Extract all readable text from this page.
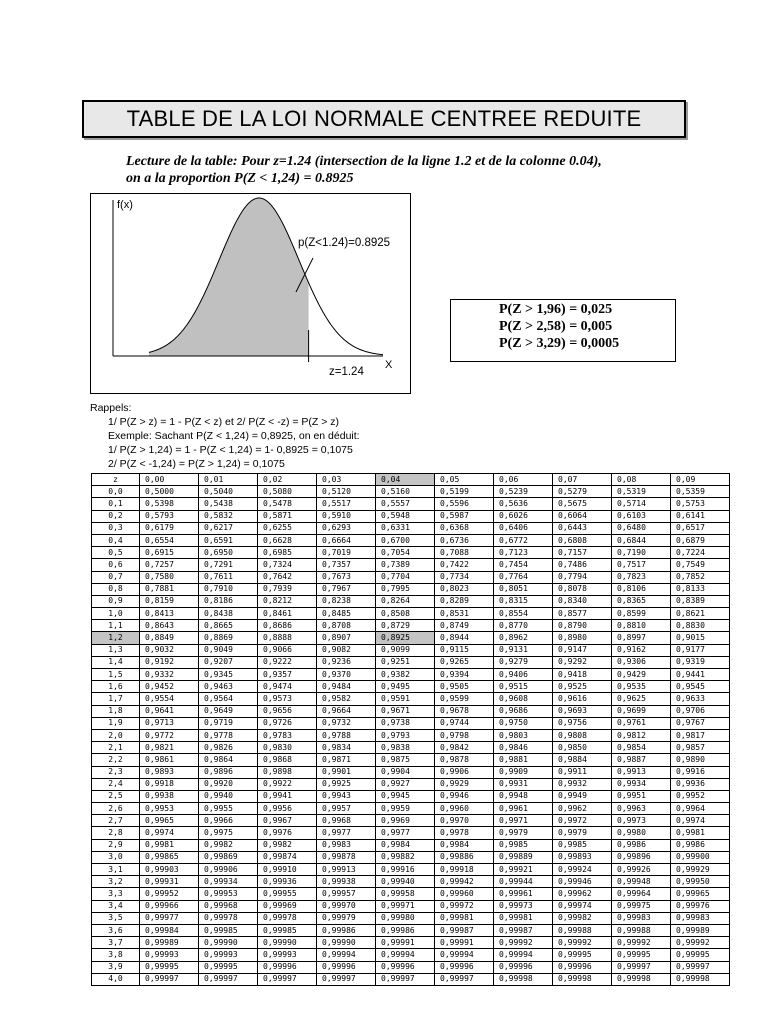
TABLE DE LA LOI NORMALE CENTREE REDUITE
Lecture de la table: Pour z=1.24 (intersection de la ligne 1.2 et de la colonne 0.04),
on a la proportion P(Z < 1,24) = 0.8925
f(x)
X
p(Z<1.24)=0.8925
z=1.24
P(Z > 1,96) = 0,025
P(Z > 2,58) = 0,005
P(Z > 3,29) = 0,0005
Rappels:
1/ P(Z > z) = 1 - P(Z < z) et 2/ P(Z < -z) = P(Z > z)
Exemple: Sachant P(Z < 1,24) = 0,8925, on en déduit:
1/ P(Z > 1,24) = 1 - P(Z < 1,24) = 1- 0,8925 = 0,1075
2/ P(Z < -1,24) = P(Z > 1,24) = 0,1075
z	0,00	0,01	0,02	0,03	0,04	0,05	0,06	0,07	0,08	0,09
0,0	0,5000	0,5040	0,5080	0,5120	0,5160	0,5199	0,5239	0,5279	0,5319	0,5359
0,1	0,5398	0,5438	0,5478	0,5517	0,5557	0,5596	0,5636	0,5675	0,5714	0,5753
0,2	0,5793	0,5832	0,5871	0,5910	0,5948	0,5987	0,6026	0,6064	0,6103	0,6141
0,3	0,6179	0,6217	0,6255	0,6293	0,6331	0,6368	0,6406	0,6443	0,6480	0,6517
0,4	0,6554	0,6591	0,6628	0,6664	0,6700	0,6736	0,6772	0,6808	0,6844	0,6879
0,5	0,6915	0,6950	0,6985	0,7019	0,7054	0,7088	0,7123	0,7157	0,7190	0,7224
0,6	0,7257	0,7291	0,7324	0,7357	0,7389	0,7422	0,7454	0,7486	0,7517	0,7549
0,7	0,7580	0,7611	0,7642	0,7673	0,7704	0,7734	0,7764	0,7794	0,7823	0,7852
0,8	0,7881	0,7910	0,7939	0,7967	0,7995	0,8023	0,8051	0,8078	0,8106	0,8133
0,9	0,8159	0,8186	0,8212	0,8238	0,8264	0,8289	0,8315	0,8340	0,8365	0,8389
1,0	0,8413	0,8438	0,8461	0,8485	0,8508	0,8531	0,8554	0,8577	0,8599	0,8621
1,1	0,8643	0,8665	0,8686	0,8708	0,8729	0,8749	0,8770	0,8790	0,8810	0,8830
1,2	0,8849	0,8869	0,8888	0,8907	0,8925	0,8944	0,8962	0,8980	0,8997	0,9015
1,3	0,9032	0,9049	0,9066	0,9082	0,9099	0,9115	0,9131	0,9147	0,9162	0,9177
1,4	0,9192	0,9207	0,9222	0,9236	0,9251	0,9265	0,9279	0,9292	0,9306	0,9319
1,5	0,9332	0,9345	0,9357	0,9370	0,9382	0,9394	0,9406	0,9418	0,9429	0,9441
1,6	0,9452	0,9463	0,9474	0,9484	0,9495	0,9505	0,9515	0,9525	0,9535	0,9545
1,7	0,9554	0,9564	0,9573	0,9582	0,9591	0,9599	0,9608	0,9616	0,9625	0,9633
1,8	0,9641	0,9649	0,9656	0,9664	0,9671	0,9678	0,9686	0,9693	0,9699	0,9706
1,9	0,9713	0,9719	0,9726	0,9732	0,9738	0,9744	0,9750	0,9756	0,9761	0,9767
2,0	0,9772	0,9778	0,9783	0,9788	0,9793	0,9798	0,9803	0,9808	0,9812	0,9817
2,1	0,9821	0,9826	0,9830	0,9834	0,9838	0,9842	0,9846	0,9850	0,9854	0,9857
2,2	0,9861	0,9864	0,9868	0,9871	0,9875	0,9878	0,9881	0,9884	0,9887	0,9890
2,3	0,9893	0,9896	0,9898	0,9901	0,9904	0,9906	0,9909	0,9911	0,9913	0,9916
2,4	0,9918	0,9920	0,9922	0,9925	0,9927	0,9929	0,9931	0,9932	0,9934	0,9936
2,5	0,9938	0,9940	0,9941	0,9943	0,9945	0,9946	0,9948	0,9949	0,9951	0,9952
2,6	0,9953	0,9955	0,9956	0,9957	0,9959	0,9960	0,9961	0,9962	0,9963	0,9964
2,7	0,9965	0,9966	0,9967	0,9968	0,9969	0,9970	0,9971	0,9972	0,9973	0,9974
2,8	0,9974	0,9975	0,9976	0,9977	0,9977	0,9978	0,9979	0,9979	0,9980	0,9981
2,9	0,9981	0,9982	0,9982	0,9983	0,9984	0,9984	0,9985	0,9985	0,9986	0,9986
3,0	0,99865	0,99869	0,99874	0,99878	0,99882	0,99886	0,99889	0,99893	0,99896	0,99900
3,1	0,99903	0,99906	0,99910	0,99913	0,99916	0,99918	0,99921	0,99924	0,99926	0,99929
3,2	0,99931	0,99934	0,99936	0,99938	0,99940	0,99942	0,99944	0,99946	0,99948	0,99950
3,3	0,99952	0,99953	0,99955	0,99957	0,99958	0,99960	0,99961	0,99962	0,99964	0,99965
3,4	0,99966	0,99968	0,99969	0,99970	0,99971	0,99972	0,99973	0,99974	0,99975	0,99976
3,5	0,99977	0,99978	0,99978	0,99979	0,99980	0,99981	0,99981	0,99982	0,99983	0,99983
3,6	0,99984	0,99985	0,99985	0,99986	0,99986	0,99987	0,99987	0,99988	0,99988	0,99989
3,7	0,99989	0,99990	0,99990	0,99990	0,99991	0,99991	0,99992	0,99992	0,99992	0,99992
3,8	0,99993	0,99993	0,99993	0,99994	0,99994	0,99994	0,99994	0,99995	0,99995	0,99995
3,9	0,99995	0,99995	0,99996	0,99996	0,99996	0,99996	0,99996	0,99996	0,99997	0,99997
4,0	0,99997	0,99997	0,99997	0,99997	0,99997	0,99997	0,99998	0,99998	0,99998	0,99998
